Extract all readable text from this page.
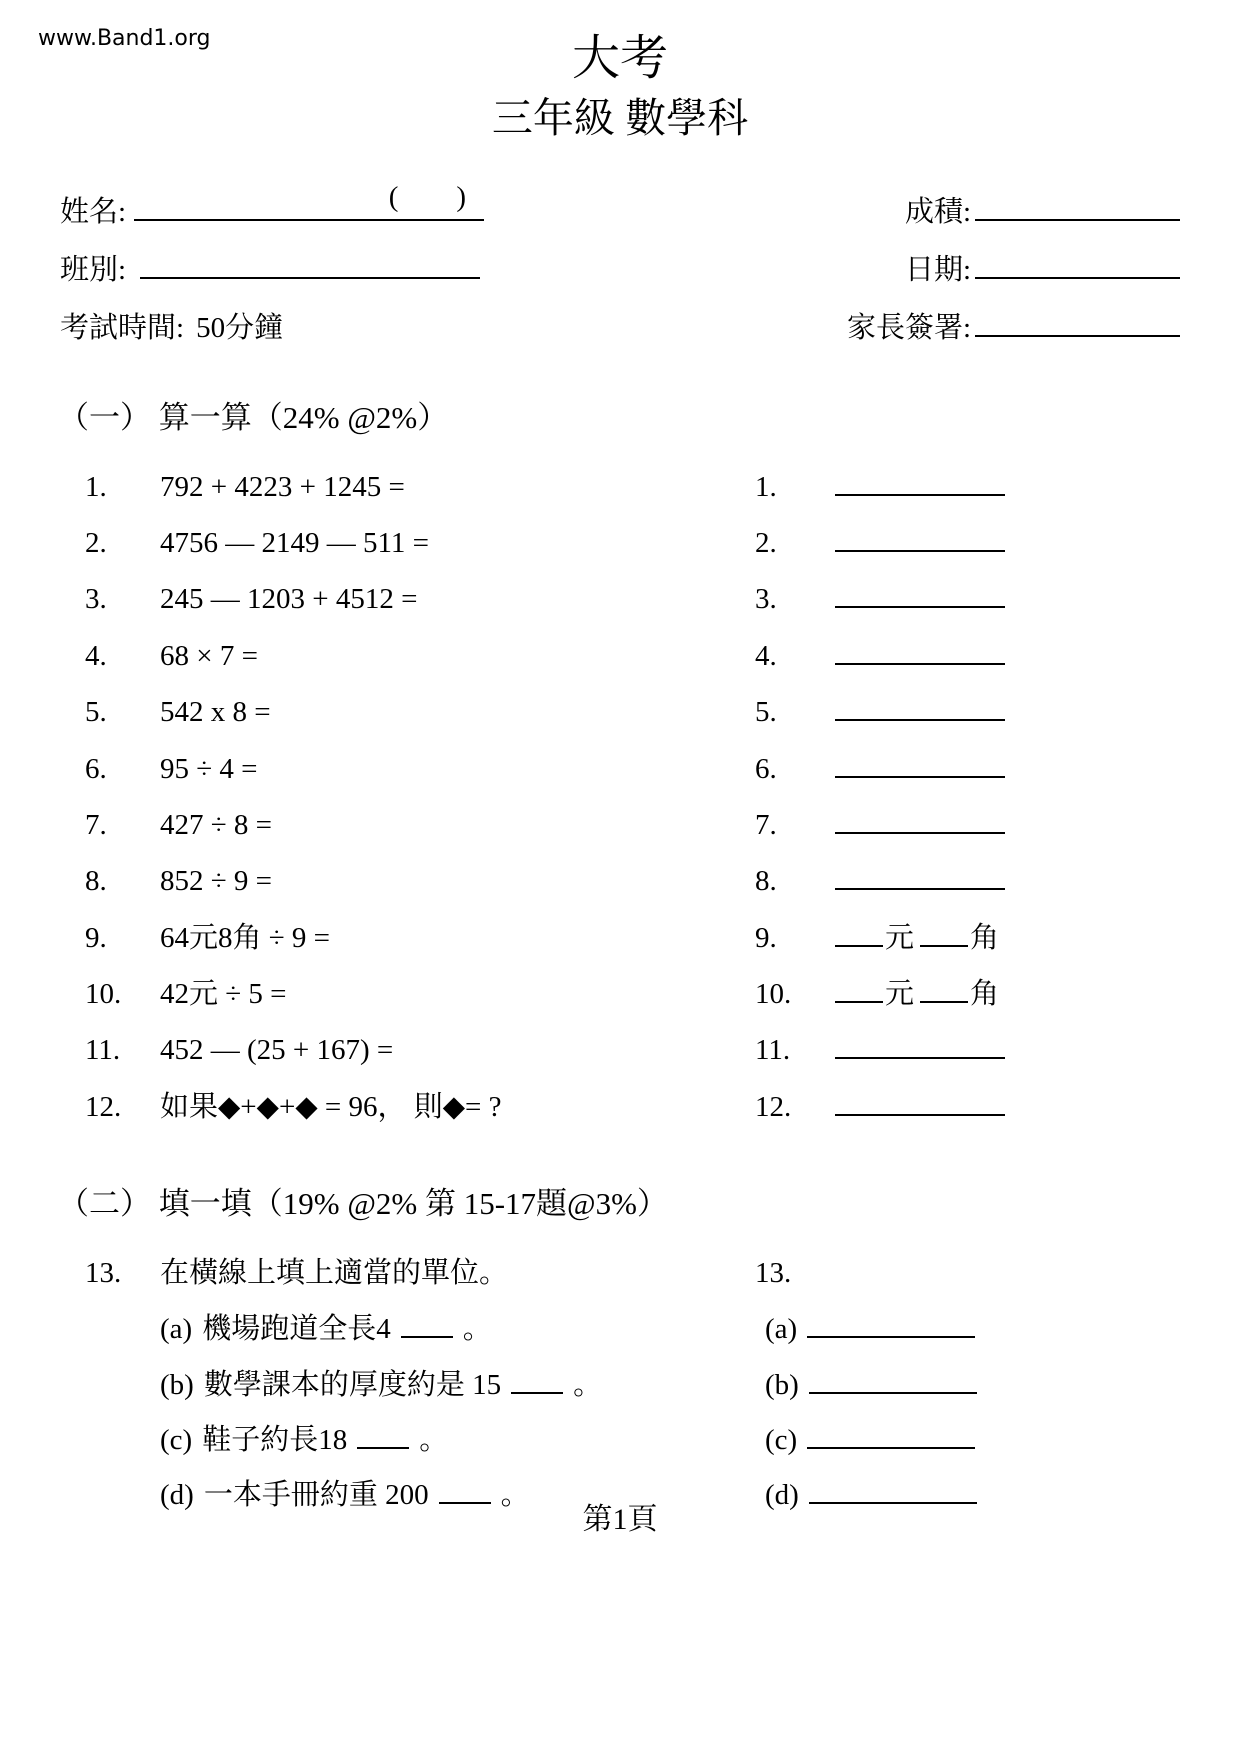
www.Band1.org	大考
三年級 數學科
姓名:	(        )	成積:
班別:	日期:
考試時間: 50分鐘	家長簽署:
（一） 算一算（24% @2%）
1.	792 + 4223 + 1245 =	1.
2.	4756 — 2149 — 511 =	2.
3.	245 — 1203 + 4512 =	3.
4.	68 × 7 =	4.
5.	542 x 8 =	5.
6.	95 ÷ 4 =	6.
7.	427 ÷ 8 =	7.
8.	852 ÷ 9 =	8.
9.	64元8角 ÷ 9 =	9.	元 角
10.	42元 ÷ 5 =	10.	元 角
11.	452 — (25 + 167) =	11.
12.	如果◆+◆+◆ = 96， 則◆= ?	12.
（二） 填一填（19% @2% 第 15-17題@3%）
13.	在橫線上填上適當的單位。	13.
(a) 機場跑道全長4 。	(a)
(b) 數學課本的厚度約是 15 。	(b)
(c) 鞋子約長18 。	(c)
(d) 一本手冊約重 200 。	(d)
第1頁
